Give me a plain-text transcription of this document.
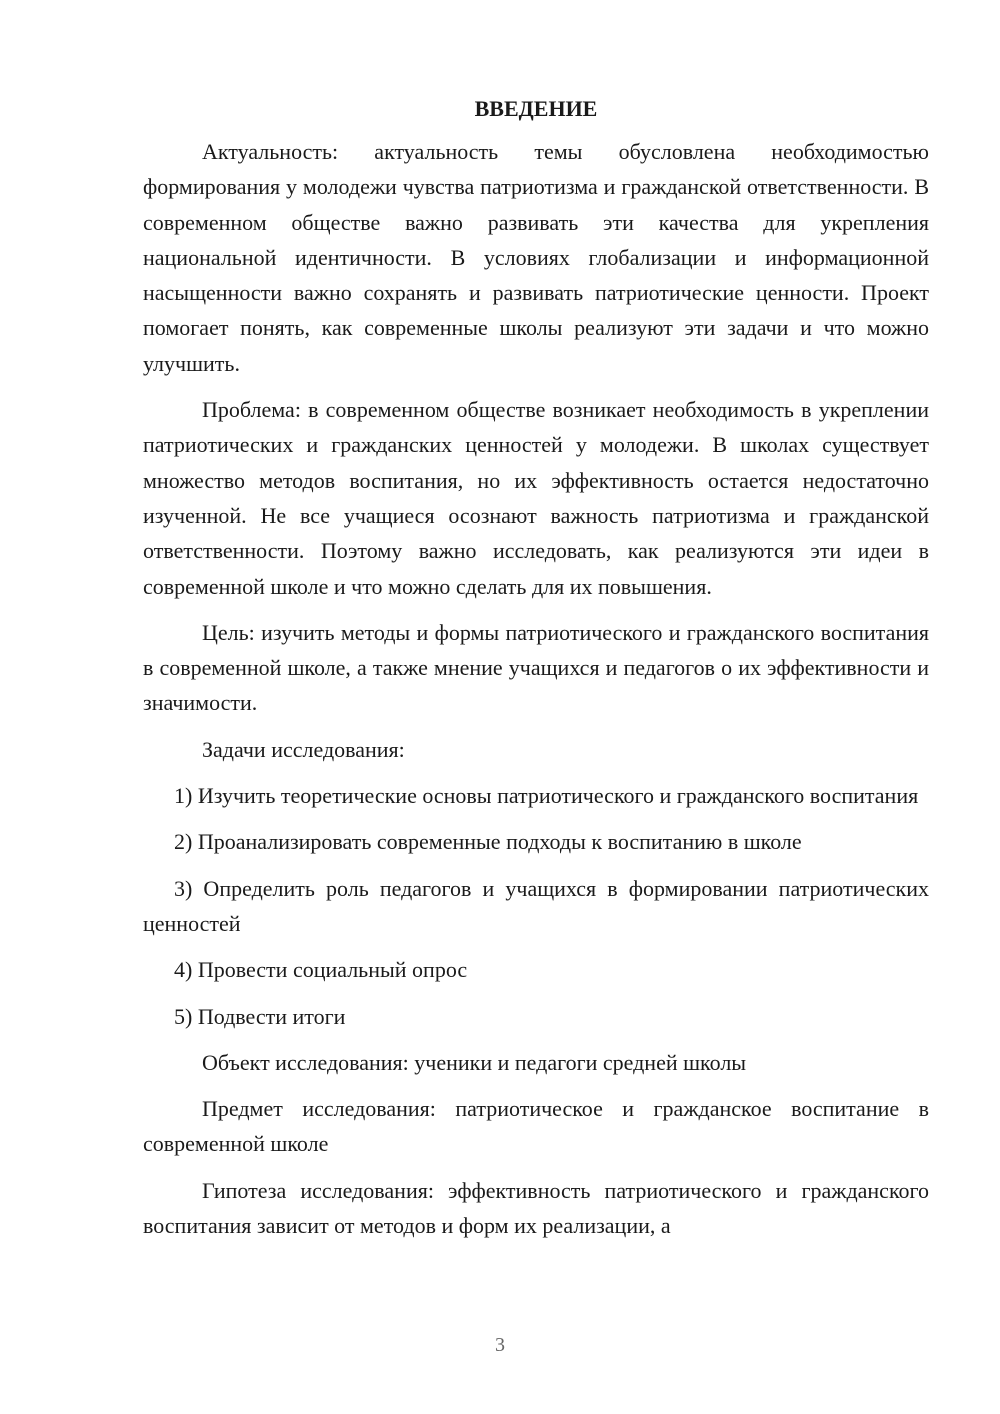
ВВЕДЕНИЕ

Актуальность: актуальность темы обусловлена необходимостью формирования у молодежи чувства патриотизма и гражданской ответственности. В современном обществе важно развивать эти качества для укрепления национальной идентичности. В условиях глобализации и информационной насыщенности важно сохранять и развивать патриотические ценности. Проект помогает понять, как современные школы реализуют эти задачи и что можно улучшить.

Проблема: в современном обществе возникает необходимость в укреплении патриотических и гражданских ценностей у молодежи. В школах существует множество методов воспитания, но их эффективность остается недостаточно изученной. Не все учащиеся осознают важность патриотизма и гражданской ответственности. Поэтому важно исследовать, как реализуются эти идеи в современной школе и что можно сделать для их повышения.

Цель: изучить методы и формы патриотического и гражданского воспитания в современной школе, а также мнение учащихся и педагогов о их эффективности и значимости.

Задачи исследования:

1) Изучить теоретические основы патриотического и гражданского воспитания

2) Проанализировать современные подходы к воспитанию в школе

3) Определить роль педагогов и учащихся в формировании патриотических ценностей

4) Провести социальный опрос

5) Подвести итоги

Объект исследования: ученики и педагоги средней школы

Предмет исследования: патриотическое и гражданское воспитание в современной школе

Гипотеза исследования: эффективность патриотического и гражданского воспитания зависит от методов и форм их реализации, а

3
